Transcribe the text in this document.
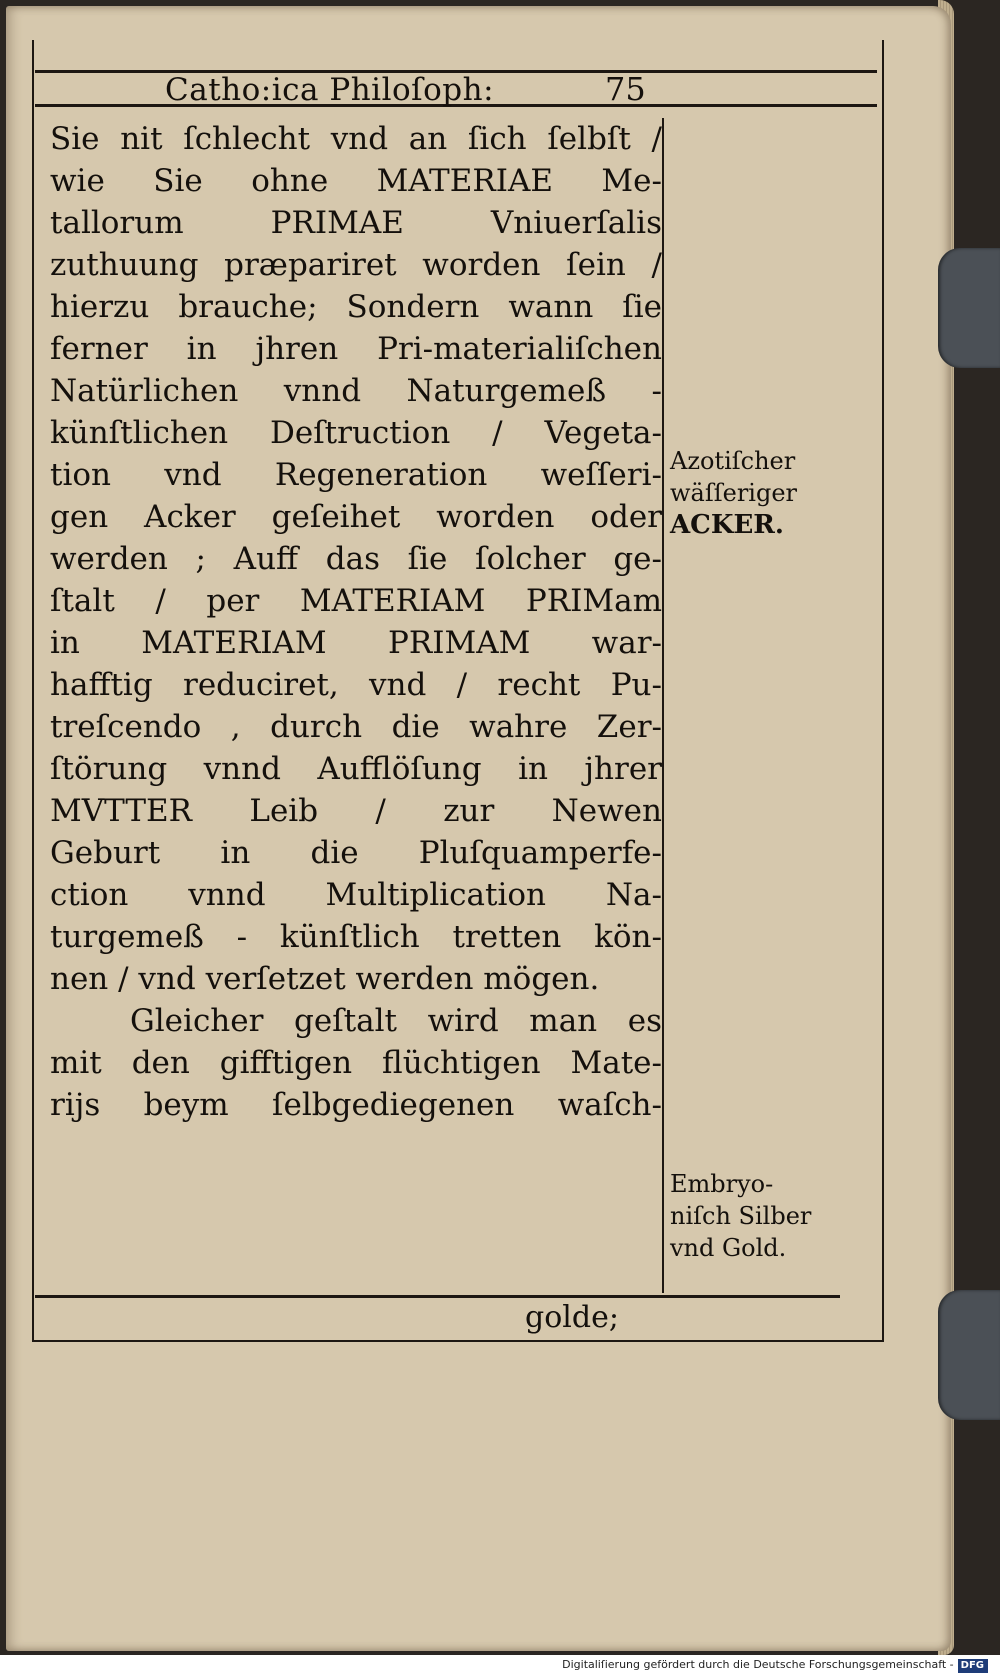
Catho:ica Philoſoph:	75
Sie nit ſchlecht vnd an ſich ſelbſt /
wie Sie ohne MATERIAE Me-
tallorum PRIMAE Vniuerſalis
zuthuung præpariret worden ſein /
hierzu brauche; Sondern wann ſie
ferner in jhren Pri-materialiſchen
Natürlichen vnnd Naturgemeß -
künſtlichen Deſtruction / Vegeta-
tion vnd Regeneration weſſeri-
gen Acker geſeihet worden oder
werden ; Auff das ſie ſolcher ge-
ſtalt / per MATERIAM PRIMam
in MATERIAM PRIMAM war-
hafftig reduciret, vnd / recht Pu-
treſcendo , durch die wahre Zer-
ſtörung vnnd Aufflöſung in jhrer
MVTTER Leib / zur Newen
Geburt in die Pluſquamperfe-
ction vnnd Multiplication Na-
turgemeß - künſtlich tretten kön-
nen / vnd verſetzet werden mögen.
Gleicher geſtalt wird man es
mit den gifftigen flüchtigen Mate-
rijs beym ſelbgediegenen waſch-
Azotiſcher
wäſſeriger
ACKER.
Embryo-
niſch Silber
vnd Gold.
golde;
Digitaliſierung gefördert durch die Deutsche Forschungsgemeinschaft - DFG
